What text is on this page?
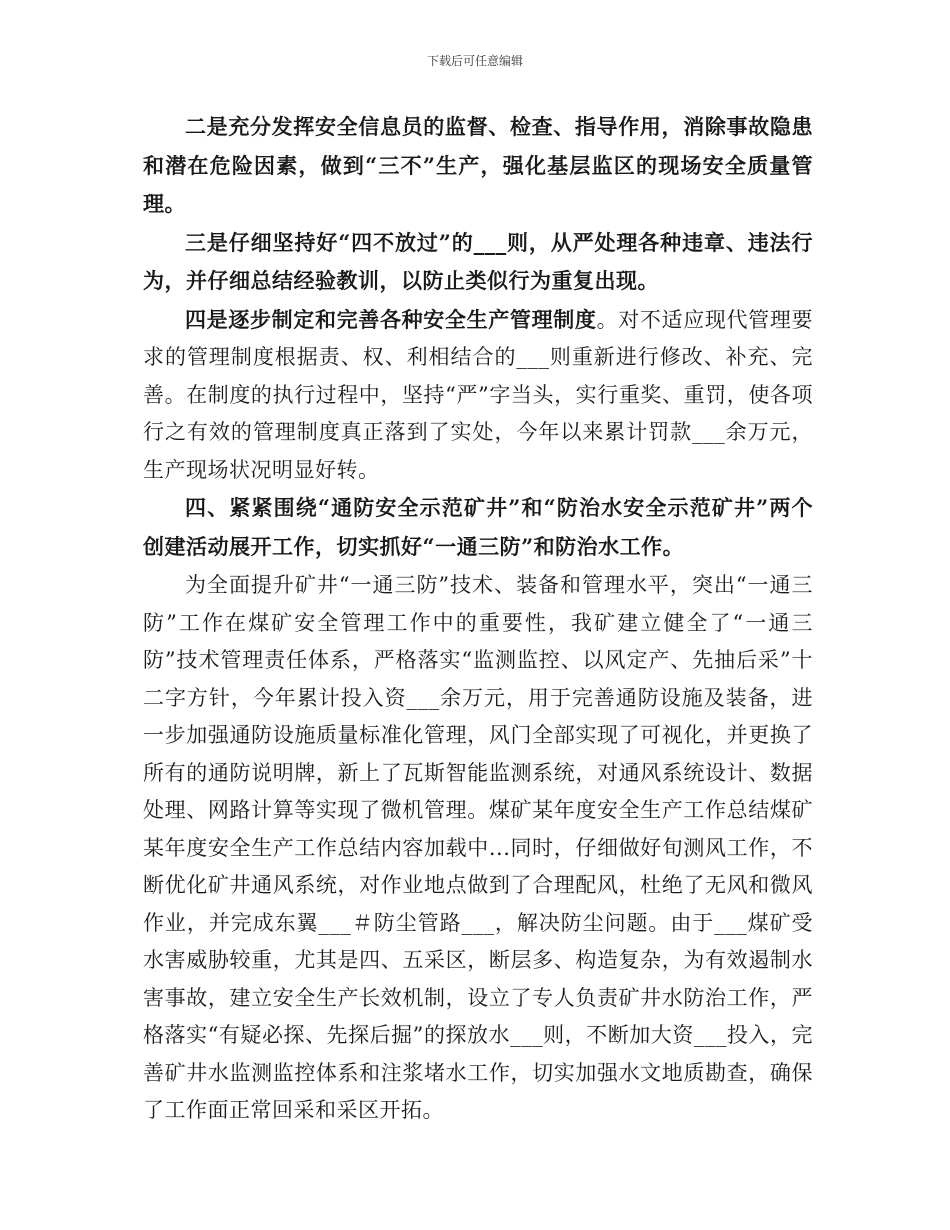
下载后可任意编辑

二是充分发挥安全信息员的监督、检查、指导作用，消除事故隐患和潜在危险因素，做到“三不”生产，强化基层监区的现场安全质量管理。

三是仔细坚持好“四不放过”的___则，从严处理各种违章、违法行为，并仔细总结经验教训，以防止类似行为重复出现。

四是逐步制定和完善各种安全生产管理制度。对不适应现代管理要求的管理制度根据责、权、利相结合的___则重新进行修改、补充、完善。在制度的执行过程中，坚持“严”字当头，实行重奖、重罚，使各项行之有效的管理制度真正落到了实处，今年以来累计罚款___余万元，生产现场状况明显好转。

四、紧紧围绕“通防安全示范矿井”和“防治水安全示范矿井”两个创建活动展开工作，切实抓好“一通三防”和防治水工作。

为全面提升矿井“一通三防”技术、装备和管理水平，突出“一通三防”工作在煤矿安全管理工作中的重要性，我矿建立健全了“一通三防”技术管理责任体系，严格落实“监测监控、以风定产、先抽后采”十二字方针，今年累计投入资___余万元，用于完善通防设施及装备，进一步加强通防设施质量标准化管理，风门全部实现了可视化，并更换了所有的通防说明牌，新上了瓦斯智能监测系统，对通风系统设计、数据处理、网路计算等实现了微机管理。煤矿某年度安全生产工作总结煤矿某年度安全生产工作总结内容加载中...同时，仔细做好旬测风工作，不断优化矿井通风系统，对作业地点做到了合理配风，杜绝了无风和微风作业，并完成东翼___＃防尘管路___，解决防尘问题。由于___煤矿受水害威胁较重，尤其是四、五采区，断层多、构造复杂，为有效遏制水害事故，建立安全生产长效机制，设立了专人负责矿井水防治工作，严格落实“有疑必探、先探后掘”的探放水___则，不断加大资___投入，完善矿井水监测监控体系和注浆堵水工作，切实加强水文地质勘查，确保了工作面正常回采和采区开拓。
